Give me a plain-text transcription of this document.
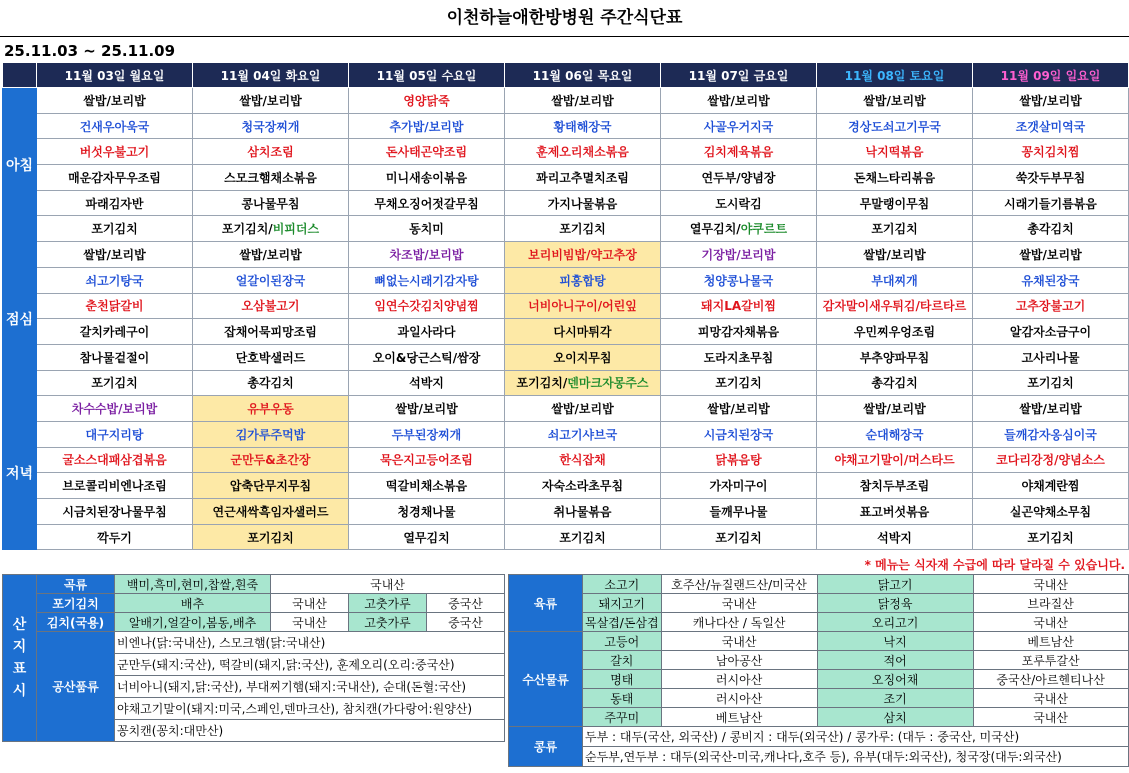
이천하늘애한방병원 주간식단표
25.11.03 ~ 25.11.09
	11월 03일 월요일	11월 04일 화요일	11월 05일 수요일	11월 06일 목요일	11월 07일 금요일	11월 08일 토요일	11월 09일 일요일
아침	쌀밥/보리밥	쌀밥/보리밥	영양닭죽	쌀밥/보리밥	쌀밥/보리밥	쌀밥/보리밥	쌀밥/보리밥
	건새우아욱국	청국장찌개	추가밥/보리밥	황태해장국	사골우거지국	경상도쇠고기무국	조갯살미역국
	버섯우불고기	삼치조림	돈사태곤약조림	훈제오리채소볶음	김치제육볶음	낙지떡볶음	꽁치김치찜
	매운감자무우조림	스모크햄채소볶음	미니새송이볶음	꽈리고추멸치조림	연두부/양념장	돈채느타리볶음	쑥갓두부무침
	파래김자반	콩나물무침	무채오징어젓갈무침	가지나물볶음	도시락김	무말랭이무침	시래기들기름볶음
	포기김치	포기김치/비피더스	동치미	포기김치	열무김치/야쿠르트	포기김치	총각김치
점심	쌀밥/보리밥	쌀밥/보리밥	차조밥/보리밥	보리비빔밥/약고추장	기장밥/보리밥	쌀밥/보리밥	쌀밥/보리밥
	쇠고기탕국	얼갈이된장국	뼈없는시래기감자탕	피홍합탕	청양콩나물국	부대찌개	유채된장국
	춘천닭갈비	오삼불고기	임연수갓김치양념찜	너비아니구이/어린잎	돼지LA갈비찜	감자말이새우튀김/타르타르	고추장불고기
	갈치카레구이	잡채어묵피망조림	과일사라다	다시마튀각	피망감자채볶음	우민찌우엉조림	알감자소금구이
	참나물겉절이	단호박샐러드	오이&당근스틱/쌈장	오이지무침	도라지초무침	부추양파무침	고사리나물
	포기김치	총각김치	석박지	포기김치/덴마크자몽주스	포기김치	총각김치	포기김치
저녁	차수수밥/보리밥	유부우동	쌀밥/보리밥	쌀밥/보리밥	쌀밥/보리밥	쌀밥/보리밥	쌀밥/보리밥
	대구지리탕	김가루주먹밥	두부된장찌개	쇠고기샤브국	시금치된장국	순대해장국	들깨감자옹심이국
	굴소스대패삼겹볶음	군만두&초간장	묵은지고등어조림	한식잡채	닭볶음탕	야채고기말이/머스타드	코다리강정/양념소스
	브로콜리비엔나조림	압축단무지무침	떡갈비채소볶음	자숙소라초무침	가자미구이	참치두부조림	야채계란찜
	시금치된장나물무침	연근새싹흑임자샐러드	청경채나물	취나물볶음	들깨무나물	표고버섯볶음	실곤약채소무침
	깍두기	포기김치	열무김치	포기김치	포기김치	석박지	포기김치
* 메뉴는 식자재 수급에 따라 달라질 수 있습니다.
산
지
표
시	곡류	백미,흑미,현미,찹쌀,흰죽	국내산		
	포기김치	배추	국내산	고춧가루	중국산
	김치(국용)	알배기,얼갈이,봄동,배추	국내산	고춧가루	중국산
	공산품류	비엔나(닭:국내산), 스모크햄(닭:국내산)			
		군만두(돼지:국산), 떡갈비(돼지,닭:국산), 훈제오리(오리:중국산)			
		너비아니(돼지,닭:국산), 부대찌기햄(돼지:국내산), 순대(돈혈:국산)			
		야채고기말이(돼지:미국,스페인,덴마크산), 참치캔(가다랑어:원양산)			
		꽁치캔(꽁치:대만산)			
육류	소고기	호주산/뉴질랜드산/미국산	닭고기	국내산
	돼지고기	국내산	닭정육	브라질산
	목살겹/돈삼겹	캐나다산 / 독일산	오리고기	국내산
수산물류	고등어	국내산	낙지	베트남산
	갈치	남아공산	적어	포루투갈산
	명태	러시아산	오징어채	중국산/아르헨티나산
	동태	러시아산	조기	국내산
	주꾸미	베트남산	삼치	국내산
콩류	두부 : 대두(국산, 외국산) / 콩비지 : 대두(외국산) / 콩가루: (대두 : 중국산, 미국산)			
	순두부,연두부 : 대두(외국산-미국,캐나다,호주 등), 유부(대두:외국산), 청국장(대두:외국산)			
